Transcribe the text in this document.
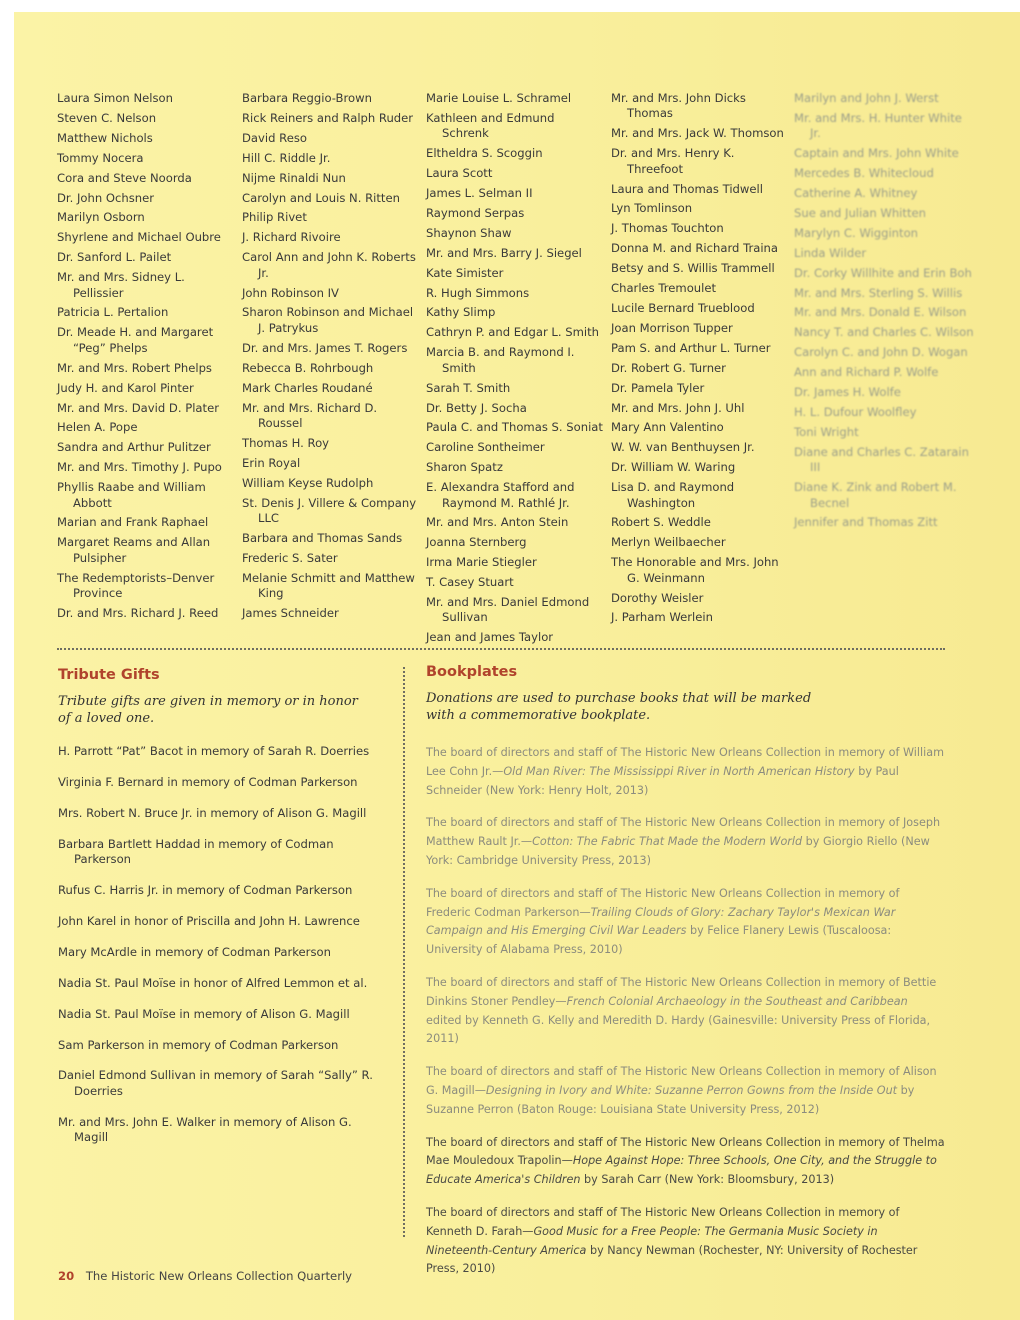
Laura Simon Nelson
Steven C. Nelson
Matthew Nichols
Tommy Nocera
Cora and Steve Noorda
Dr. John Ochsner
Marilyn Osborn
Shyrlene and Michael Oubre
Dr. Sanford L. Pailet
Mr. and Mrs. Sidney L. Pellissier
Patricia L. Pertalion
Dr. Meade H. and Margaret “Peg” Phelps
Mr. and Mrs. Robert Phelps
Judy H. and Karol Pinter
Mr. and Mrs. David D. Plater
Helen A. Pope
Sandra and Arthur Pulitzer
Mr. and Mrs. Timothy J. Pupo
Phyllis Raabe and William Abbott
Marian and Frank Raphael
Margaret Reams and Allan Pulsipher
The Redemptorists–Denver Province
Dr. and Mrs. Richard J. Reed
Barbara Reggio-Brown
Rick Reiners and Ralph Ruder
David Reso
Hill C. Riddle Jr.
Nijme Rinaldi Nun
Carolyn and Louis N. Ritten
Philip Rivet
J. Richard Rivoire
Carol Ann and John K. Roberts Jr.
John Robinson IV
Sharon Robinson and Michael J. Patrykus
Dr. and Mrs. James T. Rogers
Rebecca B. Rohrbough
Mark Charles Roudané
Mr. and Mrs. Richard D. Roussel
Thomas H. Roy
Erin Royal
William Keyse Rudolph
St. Denis J. Villere & Company LLC
Barbara and Thomas Sands
Frederic S. Sater
Melanie Schmitt and Matthew King
James Schneider
Marie Louise L. Schramel
Kathleen and Edmund Schrenk
Eltheldra S. Scoggin
Laura Scott
James L. Selman II
Raymond Serpas
Shaynon Shaw
Mr. and Mrs. Barry J. Siegel
Kate Simister
R. Hugh Simmons
Kathy Slimp
Cathryn P. and Edgar L. Smith
Marcia B. and Raymond I. Smith
Sarah T. Smith
Dr. Betty J. Socha
Paula C. and Thomas S. Soniat
Caroline Sontheimer
Sharon Spatz
E. Alexandra Stafford and Raymond M. Rathlé Jr.
Mr. and Mrs. Anton Stein
Joanna Sternberg
Irma Marie Stiegler
T. Casey Stuart
Mr. and Mrs. Daniel Edmond Sullivan
Jean and James Taylor
Mr. and Mrs. John Dicks Thomas
Mr. and Mrs. Jack W. Thomson
Dr. and Mrs. Henry K. Threefoot
Laura and Thomas Tidwell
Lyn Tomlinson
J. Thomas Touchton
Donna M. and Richard Traina
Betsy and S. Willis Trammell
Charles Tremoulet
Lucile Bernard Trueblood
Joan Morrison Tupper
Pam S. and Arthur L. Turner
Dr. Robert G. Turner
Dr. Pamela Tyler
Mr. and Mrs. John J. Uhl
Mary Ann Valentino
W. W. van Benthuysen Jr.
Dr. William W. Waring
Lisa D. and Raymond Washington
Robert S. Weddle
Merlyn Weilbaecher
The Honorable and Mrs. John G. Weinmann
Dorothy Weisler
J. Parham Werlein
Marilyn and John J. Werst
Mr. and Mrs. H. Hunter White Jr.
Captain and Mrs. John White
Mercedes B. Whitecloud
Catherine A. Whitney
Sue and Julian Whitten
Marylyn C. Wigginton
Linda Wilder
Dr. Corky Willhite and Erin Boh
Mr. and Mrs. Sterling S. Willis
Mr. and Mrs. Donald E. Wilson
Nancy T. and Charles C. Wilson
Carolyn C. and John D. Wogan
Ann and Richard P. Wolfe
Dr. James H. Wolfe
H. L. Dufour Woolfley
Toni Wright
Diane and Charles C. Zatarain III
Diane K. Zink and Robert M. Becnel
Jennifer and Thomas Zitt
Tribute Gifts
Tribute gifts are given in memory or in honor of a loved one.
H. Parrott “Pat” Bacot in memory of Sarah R. Doerries
Virginia F. Bernard in memory of Codman Parkerson
Mrs. Robert N. Bruce Jr. in memory of Alison G. Magill
Barbara Bartlett Haddad in memory of Codman Parkerson
Rufus C. Harris Jr. in memory of Codman Parkerson
John Karel in honor of Priscilla and John H. Lawrence
Mary McArdle in memory of Codman Parkerson
Nadia St. Paul Moïse in honor of Alfred Lemmon et al.
Nadia St. Paul Moïse in memory of Alison G. Magill
Sam Parkerson in memory of Codman Parkerson
Daniel Edmond Sullivan in memory of Sarah “Sally” R. Doerries
Mr. and Mrs. John E. Walker in memory of Alison G. Magill
Bookplates
Donations are used to purchase books that will be marked with a commemorative bookplate.
The board of directors and staff of The Historic New Orleans Collection in memory of William Lee Cohn Jr.—Old Man River: The Mississippi River in North American History by Paul Schneider (New York: Henry Holt, 2013)
The board of directors and staff of The Historic New Orleans Collection in memory of Joseph Matthew Rault Jr.—Cotton: The Fabric That Made the Modern World by Giorgio Riello (New York: Cambridge University Press, 2013)
The board of directors and staff of The Historic New Orleans Collection in memory of Frederic Codman Parkerson—Trailing Clouds of Glory: Zachary Taylor's Mexican War Campaign and His Emerging Civil War Leaders by Felice Flanery Lewis (Tuscaloosa: University of Alabama Press, 2010)
The board of directors and staff of The Historic New Orleans Collection in memory of Bettie Dinkins Stoner Pendley—French Colonial Archaeology in the Southeast and Caribbean edited by Kenneth G. Kelly and Meredith D. Hardy (Gainesville: University Press of Florida, 2011)
The board of directors and staff of The Historic New Orleans Collection in memory of Alison G. Magill—Designing in Ivory and White: Suzanne Perron Gowns from the Inside Out by Suzanne Perron (Baton Rouge: Louisiana State University Press, 2012)
The board of directors and staff of The Historic New Orleans Collection in memory of Thelma Mae Mouledoux Trapolin—Hope Against Hope: Three Schools, One City, and the Struggle to Educate America's Children by Sarah Carr (New York: Bloomsbury, 2013)
The board of directors and staff of The Historic New Orleans Collection in memory of Kenneth D. Farah—Good Music for a Free People: The Germania Music Society in Nineteenth-Century America by Nancy Newman (Rochester, NY: University of Rochester Press, 2010)
20 The Historic New Orleans Collection Quarterly
